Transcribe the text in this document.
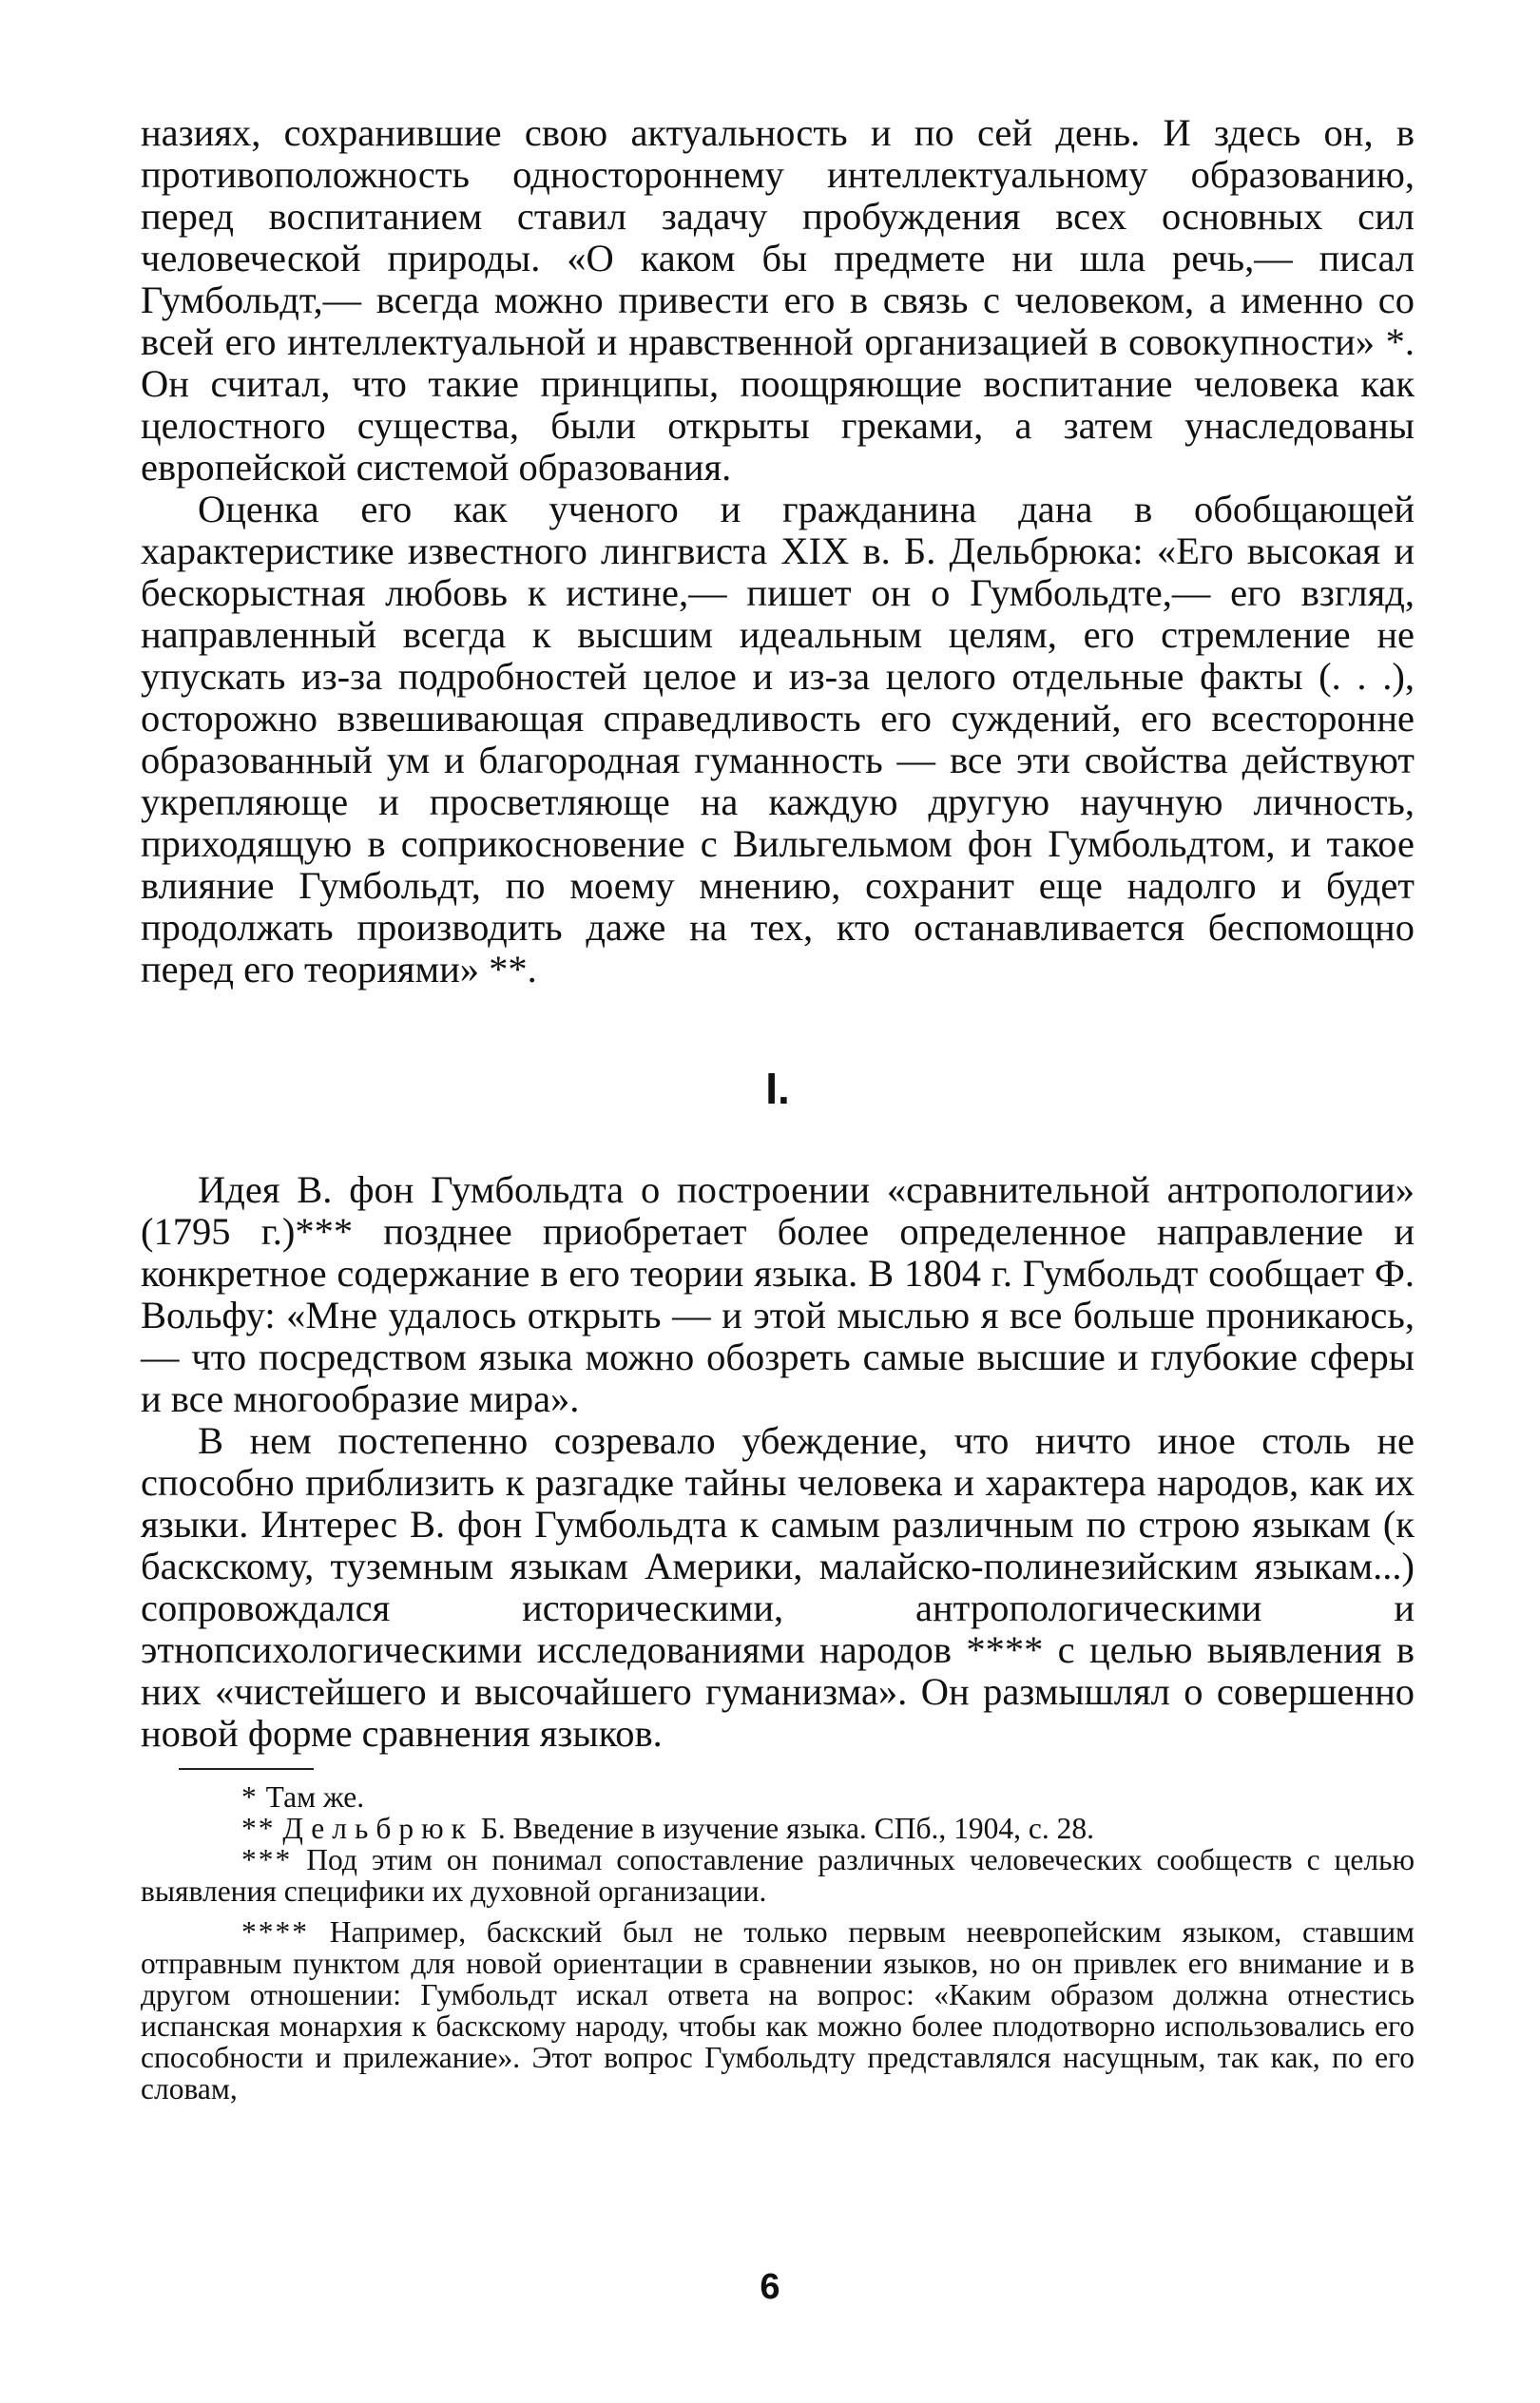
назиях, сохранившие свою актуальность и по сей день. И здесь он, в противоположность одностороннему интеллектуальному образованию, перед воспитанием ставил задачу пробуждения всех основных сил человеческой природы. «О каком бы предмете ни шла речь,— писал Гумбольдт,— всегда можно привести его в связь с человеком, а именно со всей его интеллектуальной и нравственной организацией в совокупности» *. Он считал, что такие принципы, поощряющие воспитание человека как целостного существа, были открыты греками, а затем унаследованы европейской системой образования.

Оценка его как ученого и гражданина дана в обобщающей характеристике известного лингвиста XIX в. Б. Дельбрюка: «Его высокая и бескорыстная любовь к истине,— пишет он о Гумбольдте,— его взгляд, направленный всегда к высшим идеальным целям, его стремление не упускать из-за подробностей целое и из-за целого отдельные факты (. . .), осторожно взвешивающая справедливость его суждений, его всесторонне образованный ум и благородная гуманность — все эти свойства действуют укрепляюще и просветляюще на каждую другую научную личность, приходящую в соприкосновение с Вильгельмом фон Гумбольдтом, и такое влияние Гумбольдт, по моему мнению, сохранит еще надолго и будет продолжать производить даже на тех, кто останавливается беспомощно перед его теориями» **.

I.

Идея В. фон Гумбольдта о построении «сравнительной антропологии» (1795 г.)*** позднее приобретает более определенное направление и конкретное содержание в его теории языка. В 1804 г. Гумбольдт сообщает Ф. Вольфу: «Мне удалось открыть — и этой мыслью я все больше проникаюсь,— что посредством языка можно обозреть самые высшие и глубокие сферы и все многообразие мира».

В нем постепенно созревало убеждение, что ничто иное столь не способно приблизить к разгадке тайны человека и характера народов, как их языки. Интерес В. фон Гумбольдта к самым различным по строю языкам (к баскскому, туземным языкам Америки, малайско-полинезийским языкам...) сопровождался историческими, антропологическими и этнопсихологическими исследованиями народов **** с целью выявления в них «чистейшего и высочайшего гуманизма». Он размышлял о совершенно новой форме сравнения языков.

* Там же.

** Дельбрюк Б. Введение в изучение языка. СПб., 1904, с. 28.

*** Под этим он понимал сопоставление различных человеческих сообществ с целью выявления специфики их духовной организации.

**** Например, баскский был не только первым неевропейским языком, ставшим отправным пунктом для новой ориентации в сравнении языков, но он привлек его внимание и в другом отношении: Гумбольдт искал ответа на вопрос: «Каким образом должна отнестись испанская монархия к баскскому народу, чтобы как можно более плодотворно использовались его способности и прилежание». Этот вопрос Гумбольдту представлялся насущным, так как, по его словам,

6
